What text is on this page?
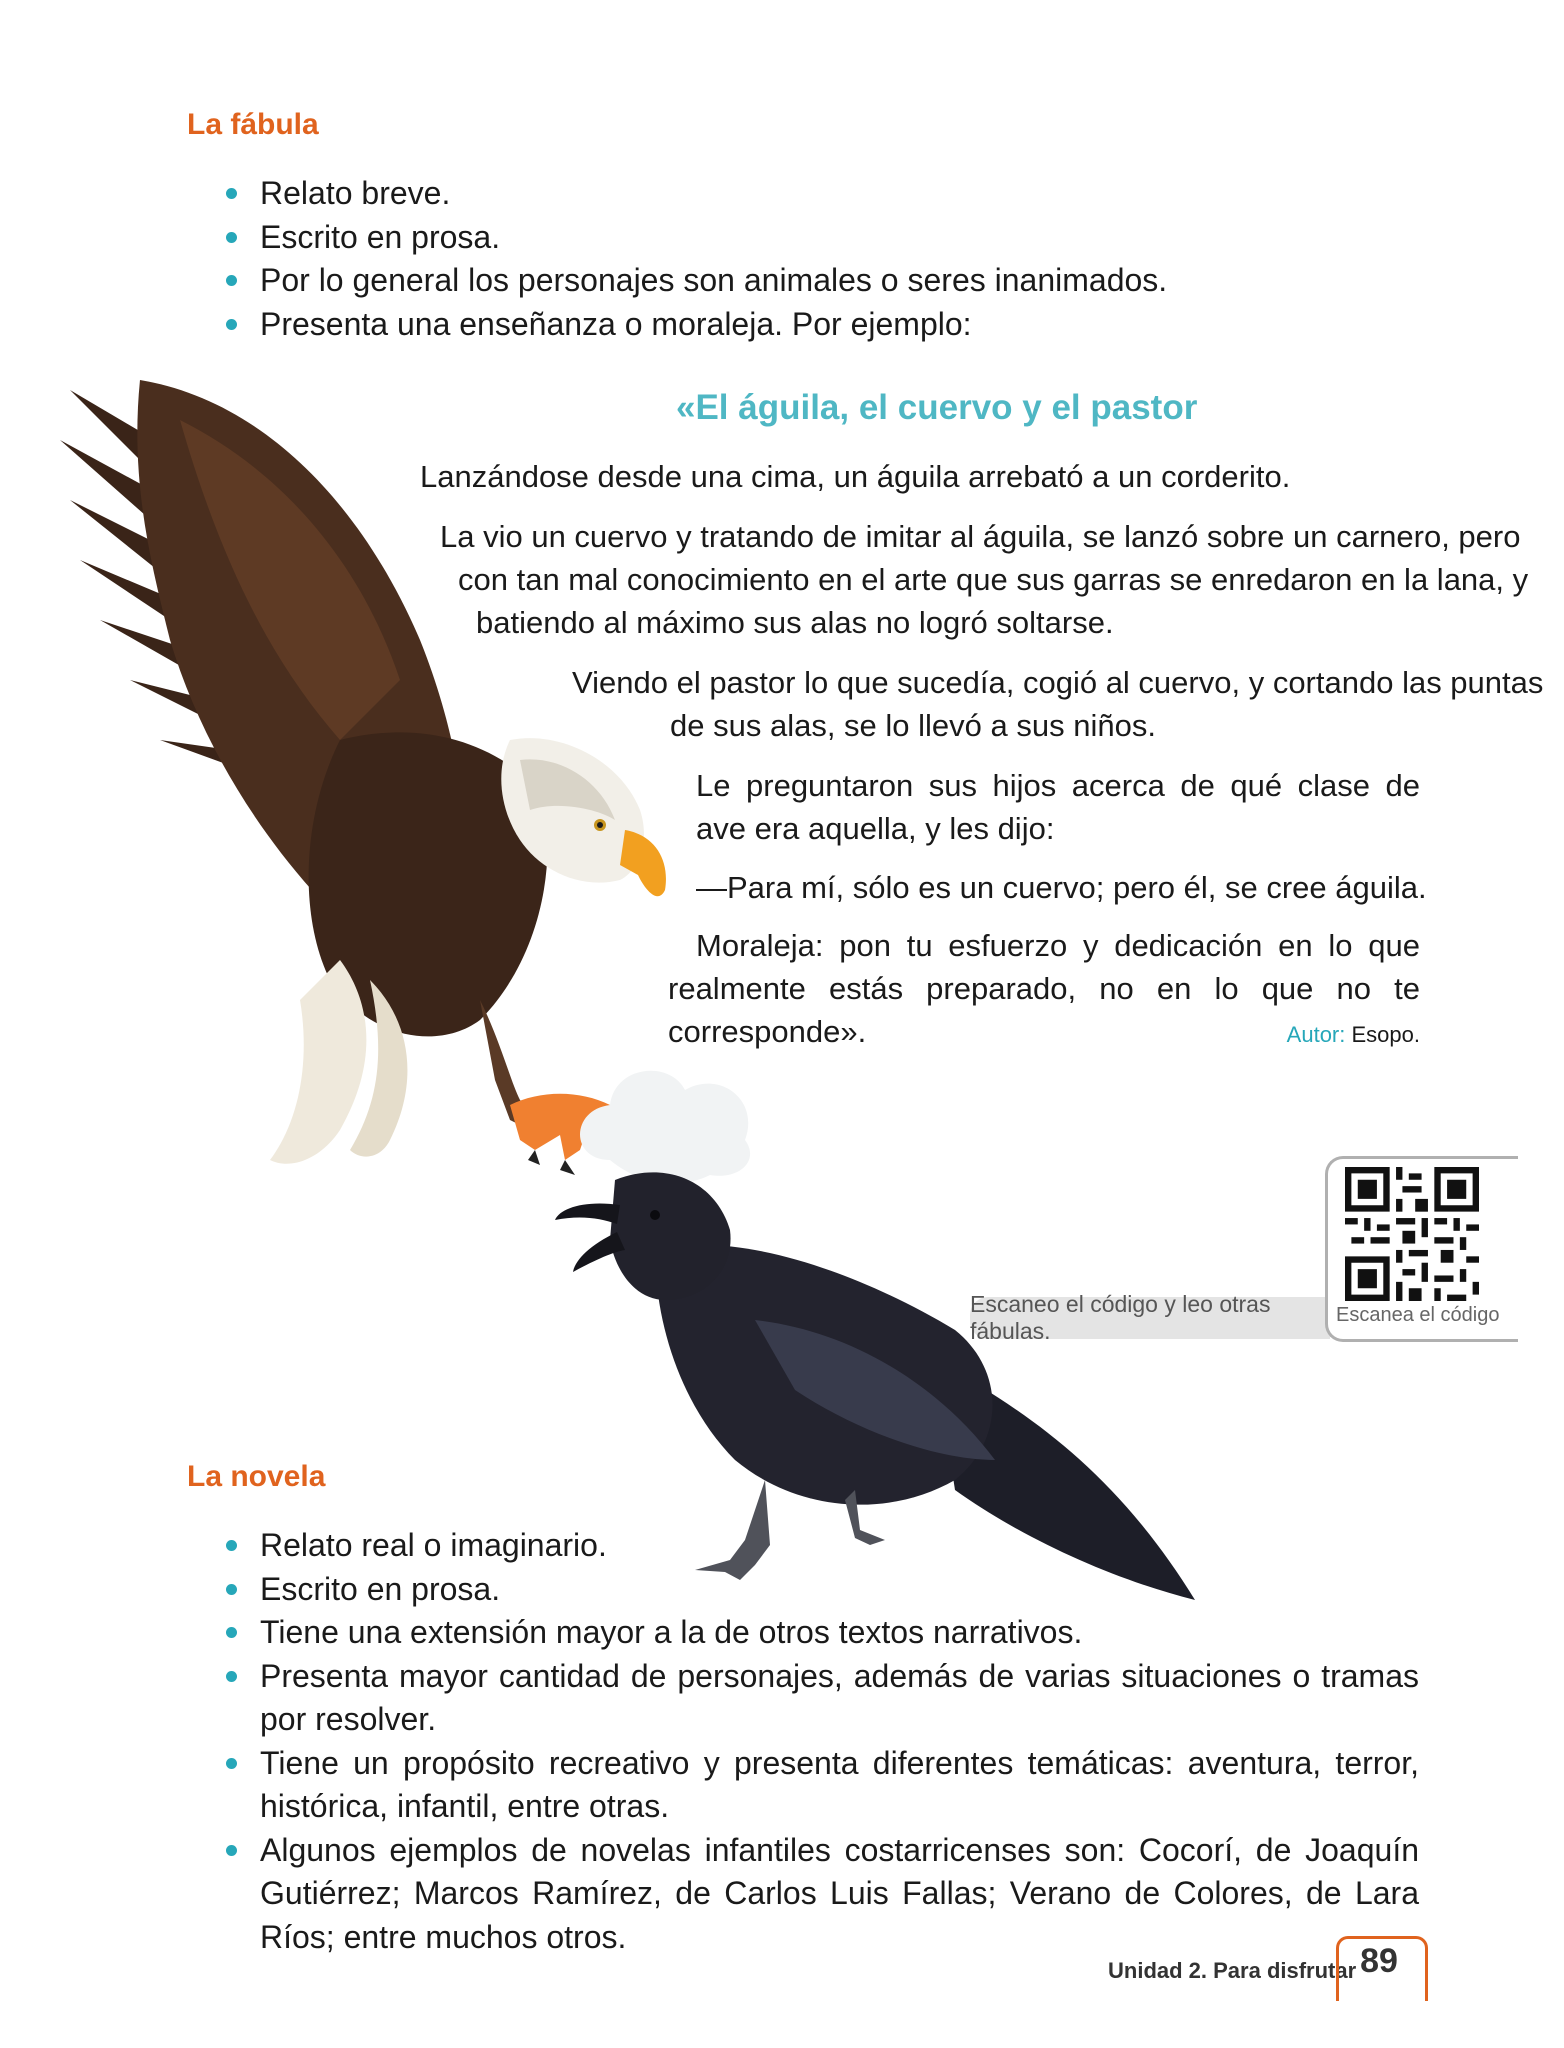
La fábula
Relato breve.
Escrito en prosa.
Por lo general los personajes son animales o seres inanimados.
Presenta una enseñanza o moraleja. Por ejemplo:
«El águila, el cuervo y el pastor

Lanzándose desde una cima, un águila arrebató a un corderito.

La vio un cuervo y tratando de imitar al águila, se lanzó sobre un carnero, pero

con tan mal conocimiento en el arte que sus garras se enredaron en la lana, y

batiendo al máximo sus alas no logró soltarse.

Viendo el pastor lo que sucedía, cogió al cuervo, y cortando las puntas

de sus alas, se lo llevó a sus niños.

Le preguntaron sus hijos acerca de qué clase de ave era aquella, y les dijo:

—Para mí, sólo es un cuervo; pero él, se cree águila.

Moraleja: pon tu esfuerzo y dedicación en lo que realmente estás preparado, no en lo que no te corresponde».	Autor: Esopo.
Escaneo el código y leo otras fábulas.
Escanea el código
La novela
Relato real o imaginario.
Escrito en prosa.
Tiene una extensión mayor a la de otros textos narrativos.
Presenta mayor cantidad de personajes, además de varias situaciones o tramas por resolver.
Tiene un propósito recreativo y presenta diferentes temáticas: aventura, terror, histórica, infantil, entre otras.
Algunos ejemplos de novelas infantiles costarricenses son: Cocorí, de Joaquín Gutiérrez; Marcos Ramírez, de Carlos Luis Fallas; Verano de Colores, de Lara Ríos; entre muchos otros.
Unidad 2. Para disfrutar 89
